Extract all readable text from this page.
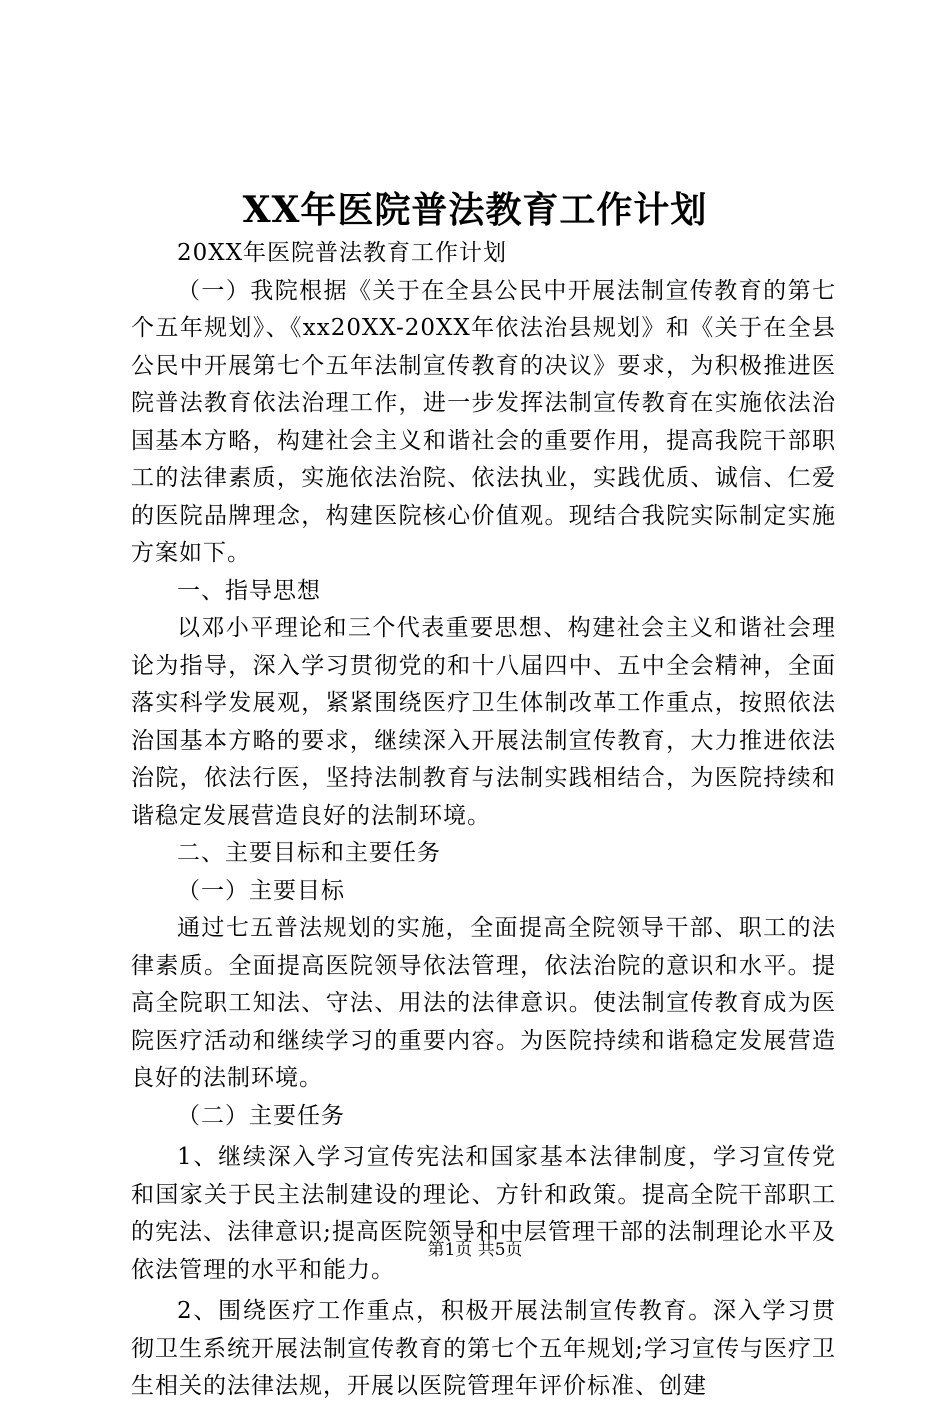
XX年医院普法教育工作计划

20XX年医院普法教育工作计划

（一）我院根据《关于在全县公民中开展法制宣传教育的第七个五年规划》、《xx20XX-20XX年依法治县规划》和《关于在全县公民中开展第七个五年法制宣传教育的决议》要求，为积极推进医院普法教育依法治理工作，进一步发挥法制宣传教育在实施依法治国基本方略，构建社会主义和谐社会的重要作用，提高我院干部职工的法律素质，实施依法治院、依法执业，实践优质、诚信、仁爱的医院品牌理念，构建医院核心价值观。现结合我院实际制定实施方案如下。

一、指导思想

以邓小平理论和三个代表重要思想、构建社会主义和谐社会理论为指导，深入学习贯彻党的和十八届四中、五中全会精神，全面落实科学发展观，紧紧围绕医疗卫生体制改革工作重点，按照依法治国基本方略的要求，继续深入开展法制宣传教育，大力推进依法治院，依法行医，坚持法制教育与法制实践相结合，为医院持续和谐稳定发展营造良好的法制环境。

二、主要目标和主要任务

（一）主要目标

通过七五普法规划的实施，全面提高全院领导干部、职工的法律素质。全面提高医院领导依法管理，依法治院的意识和水平。提高全院职工知法、守法、用法的法律意识。使法制宣传教育成为医院医疗活动和继续学习的重要内容。为医院持续和谐稳定发展营造良好的法制环境。

（二）主要任务

1、继续深入学习宣传宪法和国家基本法律制度，学习宣传党和国家关于民主法制建设的理论、方针和政策。提高全院干部职工的宪法、法律意识;提高医院领导和中层管理干部的法制理论水平及依法管理的水平和能力。

2、围绕医疗工作重点，积极开展法制宣传教育。深入学习贯彻卫生系统开展法制宣传教育的第七个五年规划;学习宣传与医疗卫生相关的法律法规，开展以医院管理年评价标准、创建

第1页 共5页
